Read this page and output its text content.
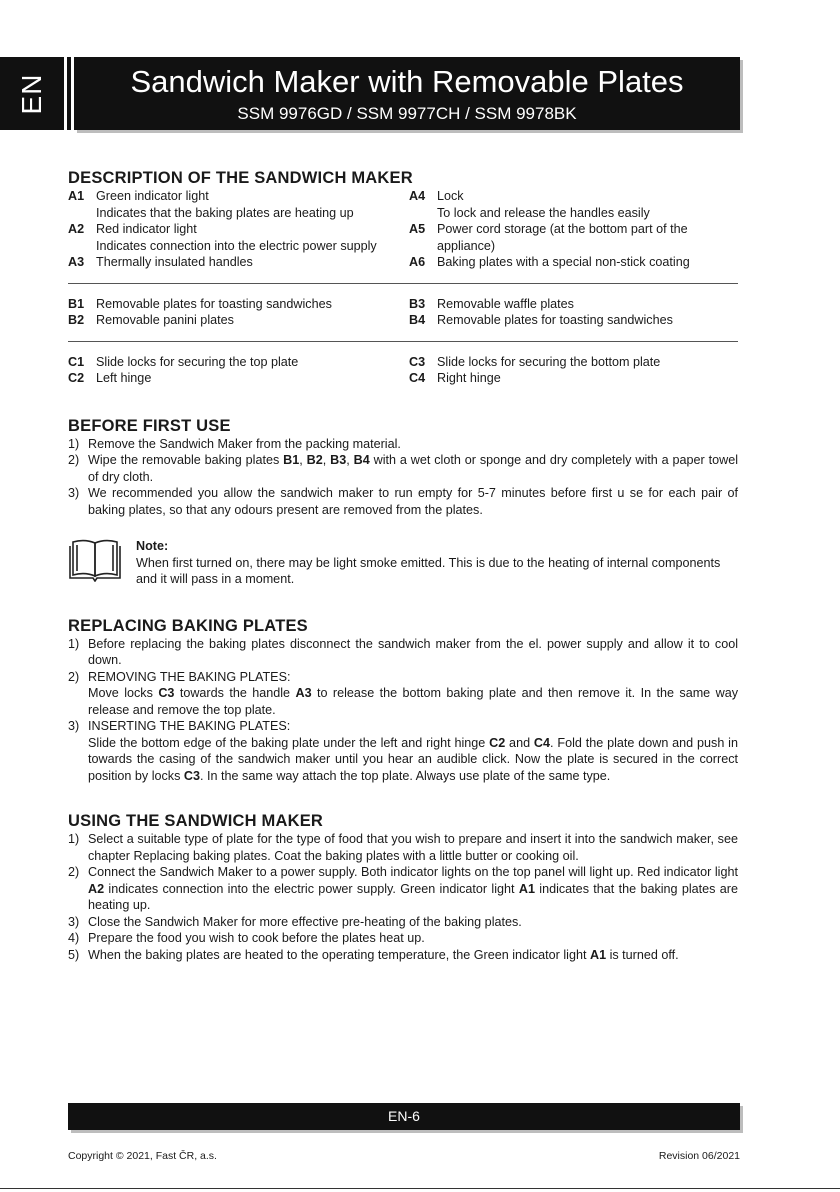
EN	Sandwich Maker with Removable Plates
SSM 9976GD / SSM 9977CH / SSM 9978BK
DESCRIPTION OF THE SANDWICH MAKER
A1 Green indicator light
Indicates that the baking plates are heating up
A2 Red indicator light
Indicates connection into the electric power supply
A3 Thermally insulated handles
A4 Lock
To lock and release the handles easily
A5 Power cord storage (at the bottom part of the
appliance)
A6 Baking plates with a special non-stick coating
B1 Removable plates for toasting sandwiches
B2 Removable panini plates
B3 Removable waffle plates
B4 Removable plates for toasting sandwiches
C1 Slide locks for securing the top plate
C2 Left hinge
C3 Slide locks for securing the bottom plate
C4 Right hinge
BEFORE FIRST USE
1) Remove the Sandwich Maker from the packing material.
2) Wipe the removable baking plates B1, B2, B3, B4 with a wet cloth or sponge and dry completely with a paper towel of dry cloth.
3) We recommended you allow the sandwich maker to run empty for 5-7 minutes before first u se for each pair of baking plates, so that any odours present are removed from the plates.
Note:
When first turned on, there may be light smoke emitted. This is due to the heating of internal components and it will pass in a moment.
REPLACING BAKING PLATES
1) Before replacing the baking plates disconnect the sandwich maker from the el. power supply and allow it to cool down.
2) REMOVING THE BAKING PLATES:
Move locks C3 towards the handle A3 to release the bottom baking plate and then remove it. In the same way release and remove the top plate.
3) INSERTING THE BAKING PLATES:
Slide the bottom edge of the baking plate under the left and right hinge C2 and C4. Fold the plate down and push in towards the casing of the sandwich maker until you hear an audible click. Now the plate is secured in the correct position by locks C3. In the same way attach the top plate. Always use plate of the same type.
USING THE SANDWICH MAKER
1) Select a suitable type of plate for the type of food that you wish to prepare and insert it into the sandwich maker, see chapter Replacing baking plates. Coat the baking plates with a little butter or cooking oil.
2) Connect the Sandwich Maker to a power supply. Both indicator lights on the top panel will light up. Red indicator light A2 indicates connection into the electric power supply. Green indicator light A1 indicates that the baking plates are heating up.
3) Close the Sandwich Maker for more effective pre-heating of the baking plates.
4) Prepare the food you wish to cook before the plates heat up.
5) When the baking plates are heated to the operating temperature, the Green indicator light A1 is turned off.
EN-6
Copyright © 2021, Fast ČR, a.s.	Revision 06/2021
